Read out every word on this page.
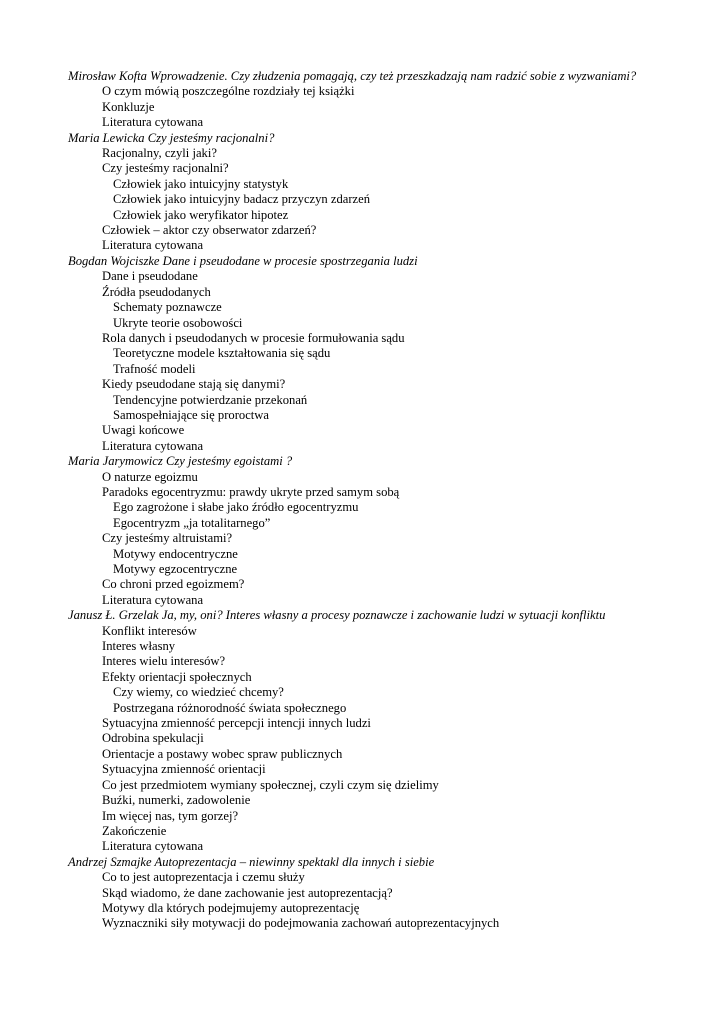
Mirosław Kofta Wprowadzenie. Czy złudzenia pomagają, czy też przeszkadzają nam radzić sobie z wyzwaniami?
O czym mówią poszczególne rozdziały tej książki
Konkluzje
Literatura cytowana
Maria Lewicka Czy jesteśmy racjonalni?
Racjonalny, czyli jaki?
Czy jesteśmy racjonalni?
Człowiek jako intuicyjny statystyk
Człowiek jako intuicyjny badacz przyczyn zdarzeń
Człowiek jako weryfikator hipotez
Człowiek – aktor czy obserwator zdarzeń?
Literatura cytowana
Bogdan Wojciszke Dane i pseudodane w procesie spostrzegania ludzi
Dane i pseudodane
Źródła pseudodanych
Schematy poznawcze
Ukryte teorie osobowości
Rola danych i pseudodanych w procesie formułowania sądu
Teoretyczne modele kształtowania się sądu
Trafność modeli
Kiedy pseudodane stają się danymi?
Tendencyjne potwierdzanie przekonań
Samospełniające się proroctwa
Uwagi końcowe
Literatura cytowana
Maria Jarymowicz Czy jesteśmy egoistami ?
O naturze egoizmu
Paradoks egocentryzmu: prawdy ukryte przed samym sobą
Ego zagrożone i słabe jako źródło egocentryzmu
Egocentryzm „ja totalitarnego”
Czy jesteśmy altruistami?
Motywy endocentryczne
Motywy egzocentryczne
Co chroni przed egoizmem?
Literatura cytowana
Janusz Ł. Grzelak Ja, my, oni? Interes własny a procesy poznawcze i zachowanie ludzi w sytuacji konfliktu
Konflikt interesów
Interes własny
Interes wielu interesów?
Efekty orientacji społecznych
Czy wiemy, co wiedzieć chcemy?
Postrzegana różnorodność świata społecznego
Sytuacyjna zmienność percepcji intencji innych ludzi
Odrobina spekulacji
Orientacje a postawy wobec spraw publicznych
Sytuacyjna zmienność orientacji
Co jest przedmiotem wymiany społecznej, czyli czym się dzielimy
Buźki, numerki, zadowolenie
Im więcej nas, tym gorzej?
Zakończenie
Literatura cytowana
Andrzej Szmajke Autoprezentacja – niewinny spektakl dla innych i siebie
Co to jest autoprezentacja i czemu służy
Skąd wiadomo, że dane zachowanie jest autoprezentacją?
Motywy dla których podejmujemy autoprezentację
Wyznaczniki siły motywacji do podejmowania zachowań autoprezentacyjnych
